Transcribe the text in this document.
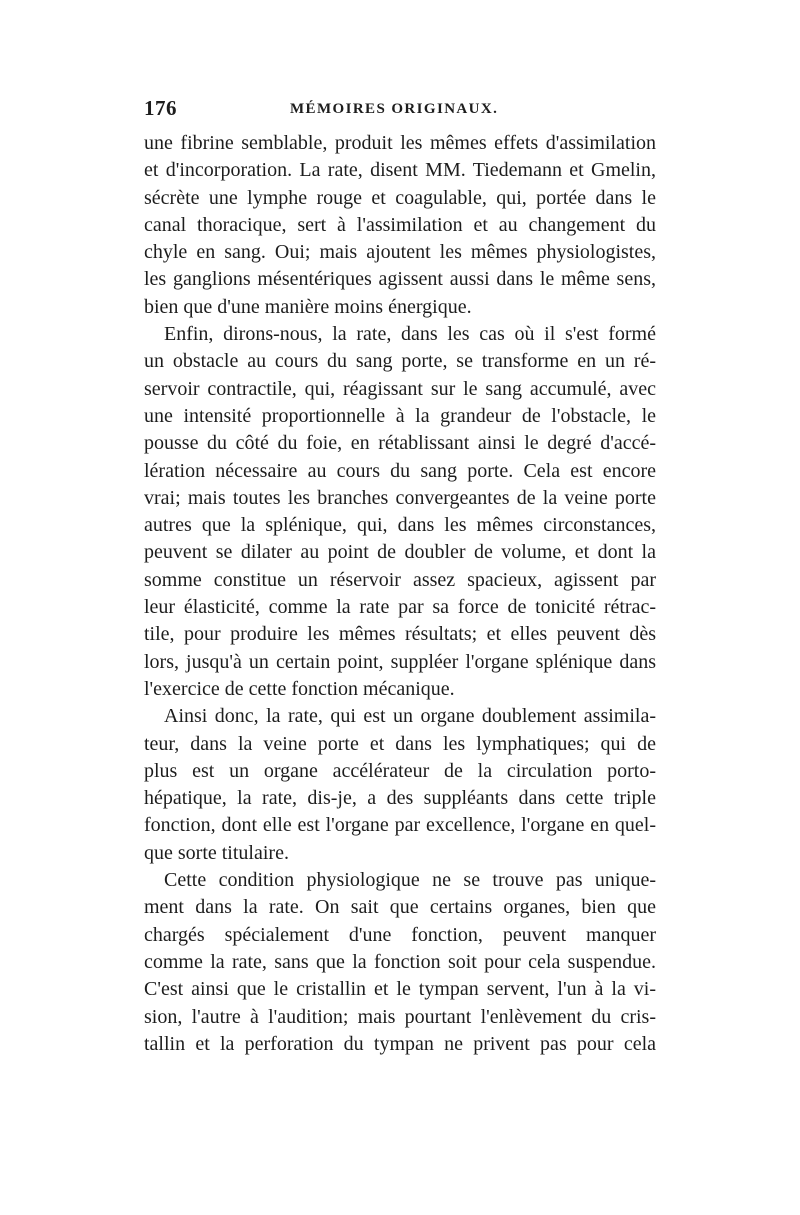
176	MÉMOIRES ORIGINAUX.
une fibrine semblable, produit les mêmes effets d'assimilation
et d'incorporation. La rate, disent MM. Tiedemann et Gmelin,
sécrète une lymphe rouge et coagulable, qui, portée dans le
canal thoracique, sert à l'assimilation et au changement du
chyle en sang. Oui; mais ajoutent les mêmes physiologistes,
les ganglions mésentériques agissent aussi dans le même sens,
bien que d'une manière moins énergique.
Enfin, dirons-nous, la rate, dans les cas où il s'est formé
un obstacle au cours du sang porte, se transforme en un ré-
servoir contractile, qui, réagissant sur le sang accumulé, avec
une intensité proportionnelle à la grandeur de l'obstacle, le
pousse du côté du foie, en rétablissant ainsi le degré d'accé-
lération nécessaire au cours du sang porte. Cela est encore
vrai; mais toutes les branches convergeantes de la veine porte
autres que la splénique, qui, dans les mêmes circonstances,
peuvent se dilater au point de doubler de volume, et dont la
somme constitue un réservoir assez spacieux, agissent par
leur élasticité, comme la rate par sa force de tonicité rétrac-
tile, pour produire les mêmes résultats; et elles peuvent dès
lors, jusqu'à un certain point, suppléer l'organe splénique dans
l'exercice de cette fonction mécanique.
Ainsi donc, la rate, qui est un organe doublement assimila-
teur, dans la veine porte et dans les lymphatiques; qui de
plus est un organe accélérateur de la circulation porto-
hépatique, la rate, dis-je, a des suppléants dans cette triple
fonction, dont elle est l'organe par excellence, l'organe en quel-
que sorte titulaire.
Cette condition physiologique ne se trouve pas unique-
ment dans la rate. On sait que certains organes, bien que
chargés spécialement d'une fonction, peuvent manquer
comme la rate, sans que la fonction soit pour cela suspendue.
C'est ainsi que le cristallin et le tympan servent, l'un à la vi-
sion, l'autre à l'audition; mais pourtant l'enlèvement du cris-
tallin et la perforation du tympan ne privent pas pour cela
